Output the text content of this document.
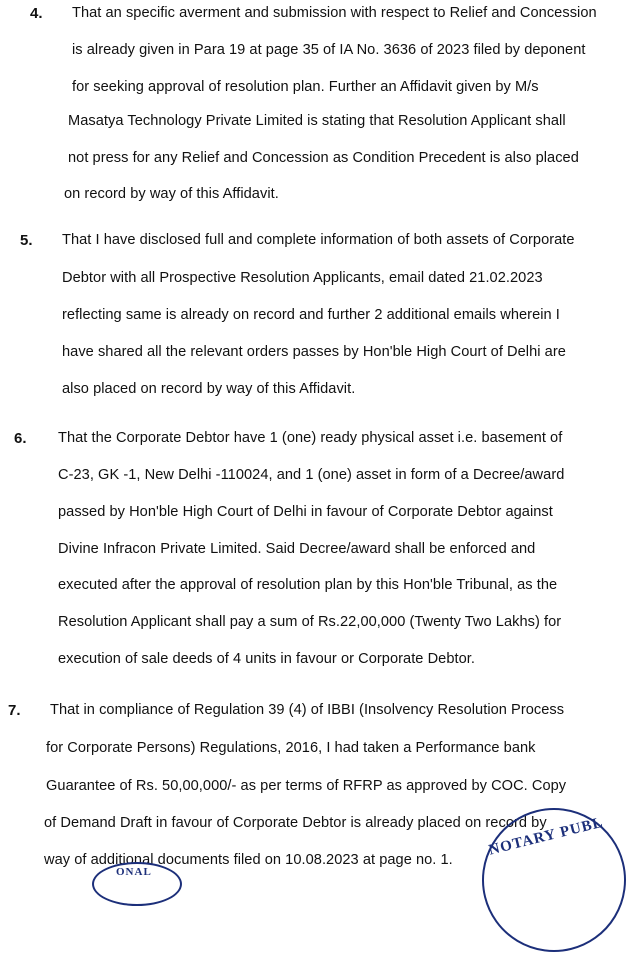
4. That an specific averment and submission with respect to Relief and Concession
is already given in Para 19 at page 35 of IA No. 3636 of 2023 filed by deponent
for seeking approval of resolution plan. Further an Affidavit given by M/s
Masatya Technology Private Limited is stating that Resolution Applicant shall
not press for any Relief and Concession as Condition Precedent is also placed
on record by way of this Affidavit.
5. That I have disclosed full and complete information of both assets of Corporate
Debtor with all Prospective Resolution Applicants, email dated 21.02.2023
reflecting same is already on record and further 2 additional emails wherein I
have shared all the relevant orders passes by Hon'ble High Court of Delhi are
also placed on record by way of this Affidavit.
6. That the Corporate Debtor have 1 (one) ready physical asset i.e. basement of
C-23, GK -1, New Delhi -110024, and 1 (one) asset in form of a Decree/award
passed by Hon'ble High Court of Delhi in favour of Corporate Debtor against
Divine Infracon Private Limited. Said Decree/award shall be enforced and
executed after the approval of resolution plan by this Hon'ble Tribunal, as the
Resolution Applicant shall pay a sum of Rs.22,00,000 (Twenty Two Lakhs) for
execution of sale deeds of 4 units in favour or Corporate Debtor.
7. That in compliance of Regulation 39 (4) of IBBI (Insolvency Resolution Process
for Corporate Persons) Regulations, 2016, I had taken a Performance bank
Guarantee of Rs. 50,00,000/- as per terms of RFRP as approved by COC. Copy
of Demand Draft in favour of Corporate Debtor is already placed on record by
way of additional documents filed on 10.08.2023 at page no. 1.
ONAL
NOTARY PUBL
